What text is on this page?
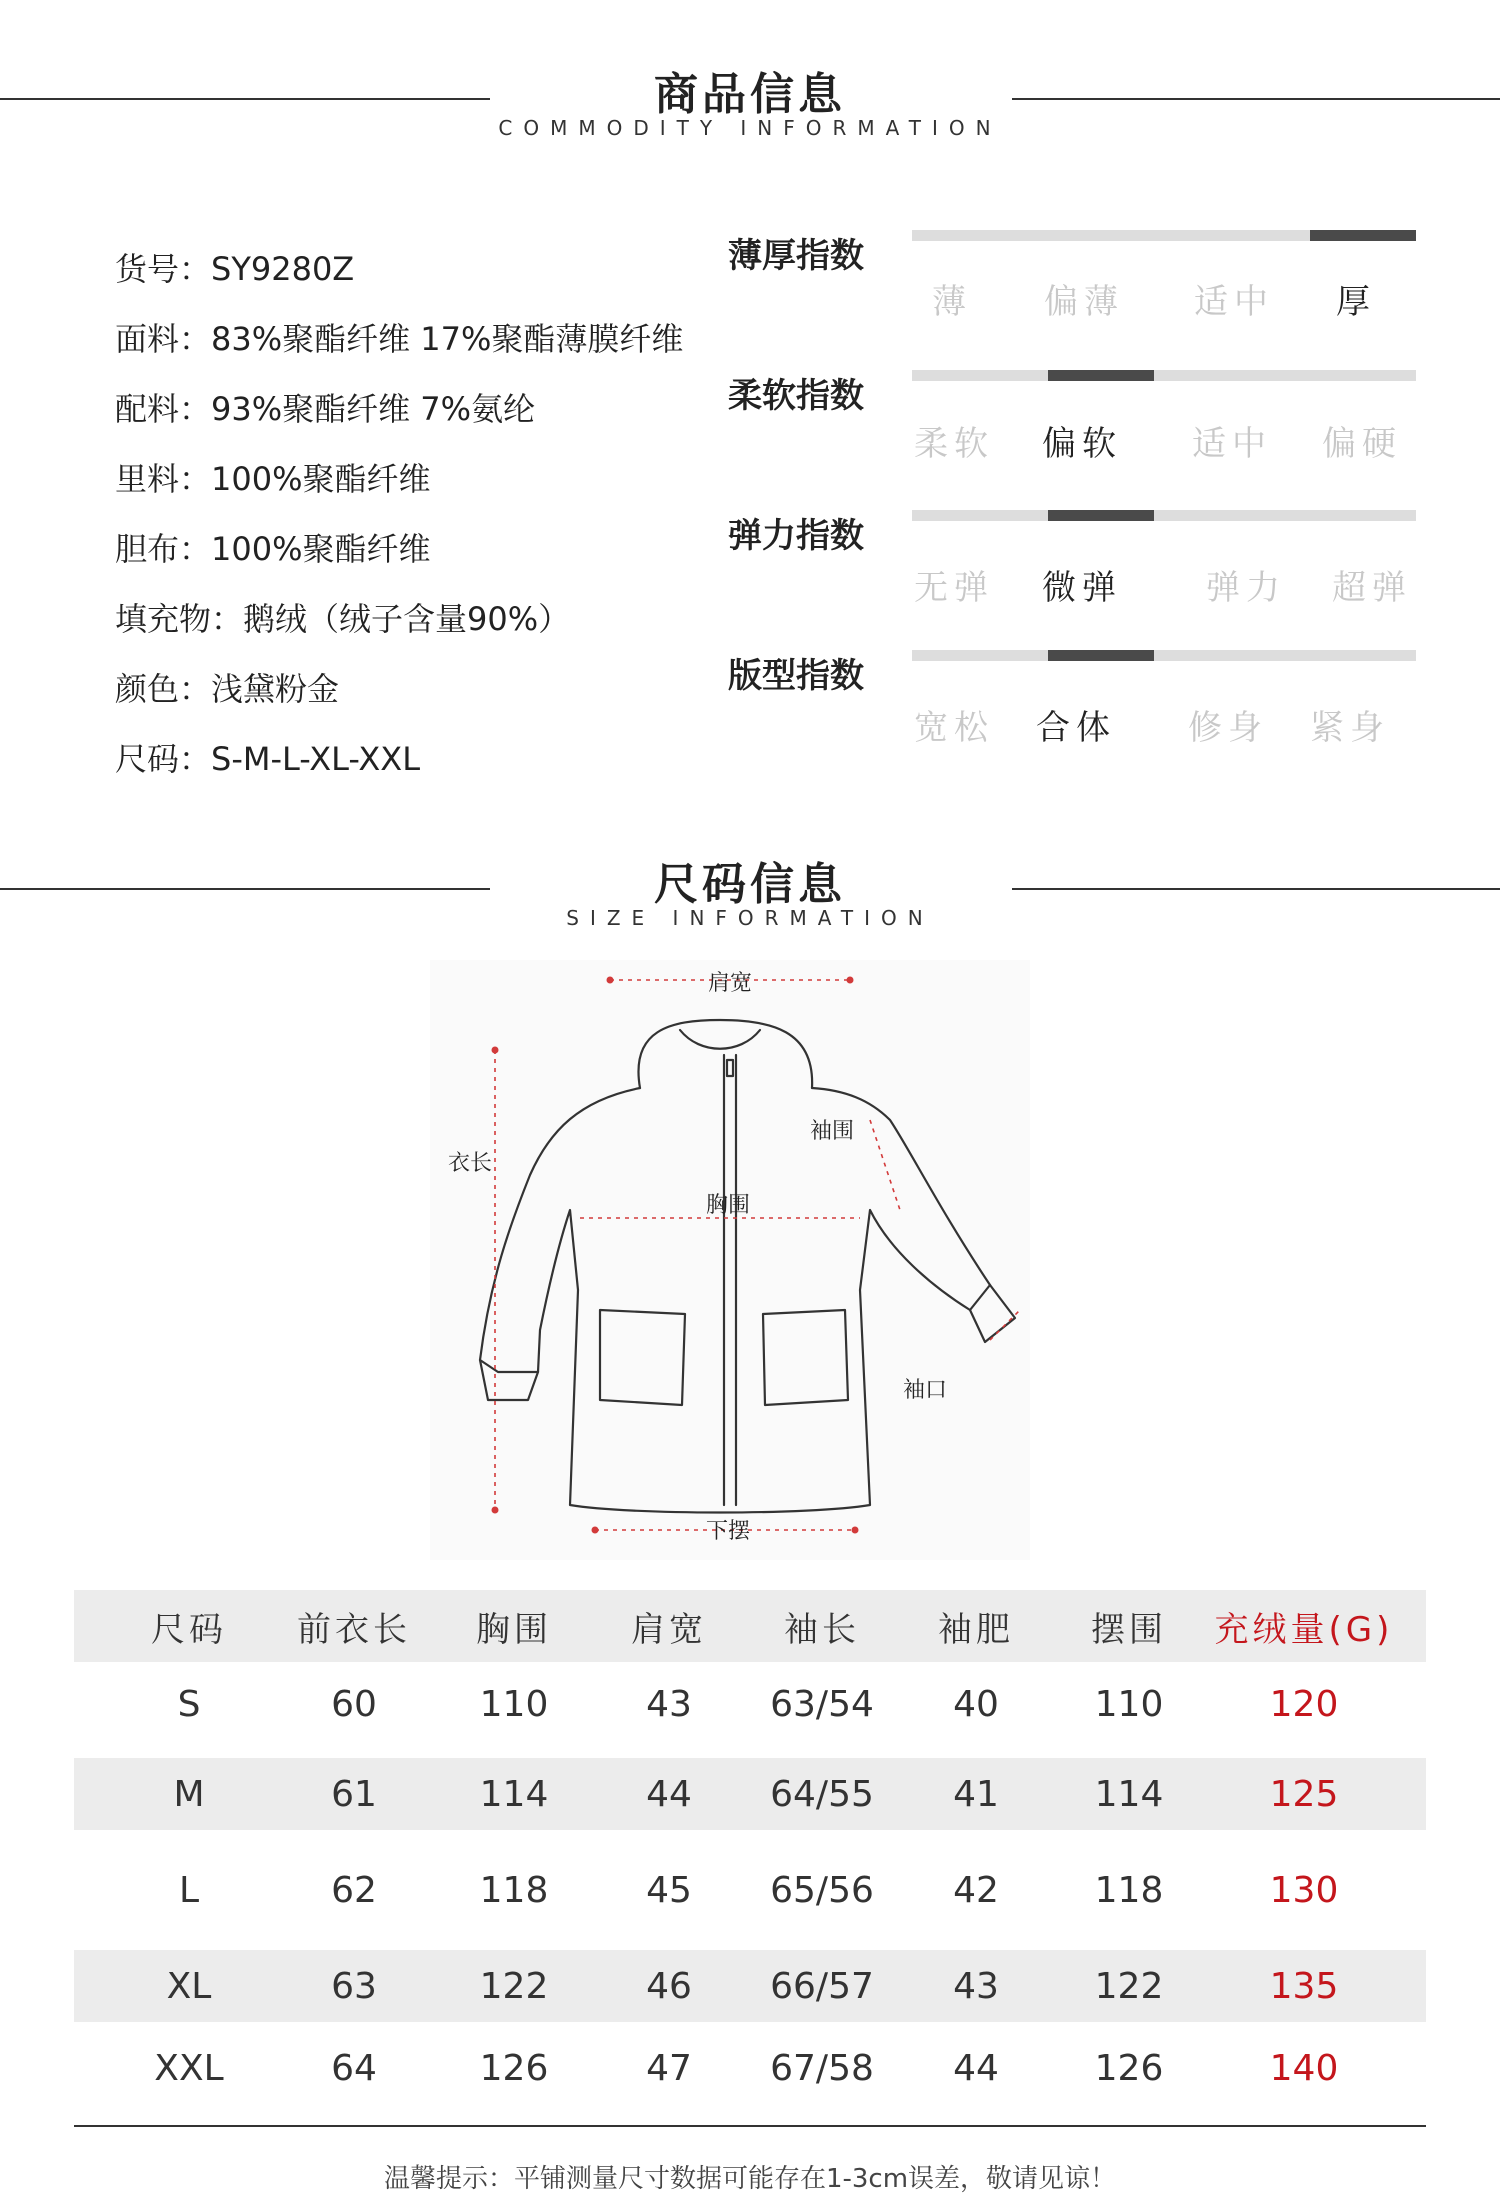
商品信息
COMMODITY INFORMATION
货号：SY9280Z
面料：83%聚酯纤维 17%聚酯薄膜纤维
配料：93%聚酯纤维 7%氨纶
里料：100%聚酯纤维
胆布：100%聚酯纤维
填充物：鹅绒（绒子含量90%）
颜色：浅黛粉金
尺码：S-M-L-XL-XXL
薄厚指数
薄 偏薄 适中 厚
柔软指数
柔软 偏软 适中 偏硬
弹力指数
无弹 微弹 弹力 超弹
版型指数
宽松 合体 修身 紧身
尺码信息
SIZE INFORMATION
肩宽
衣长
袖围
胸围
袖口
下摆
尺码	前衣长	胸围	肩宽	袖长	袖肥	摆围	充绒量(G)
S	60	110	43	63/54	40	110	120
M	61	114	44	64/55	41	114	125
L	62	118	45	65/56	42	118	130
XL	63	122	46	66/57	43	122	135
XXL	64	126	47	67/58	44	126	140
温馨提示：平铺测量尺寸数据可能存在1-3cm误差，敬请见谅！
